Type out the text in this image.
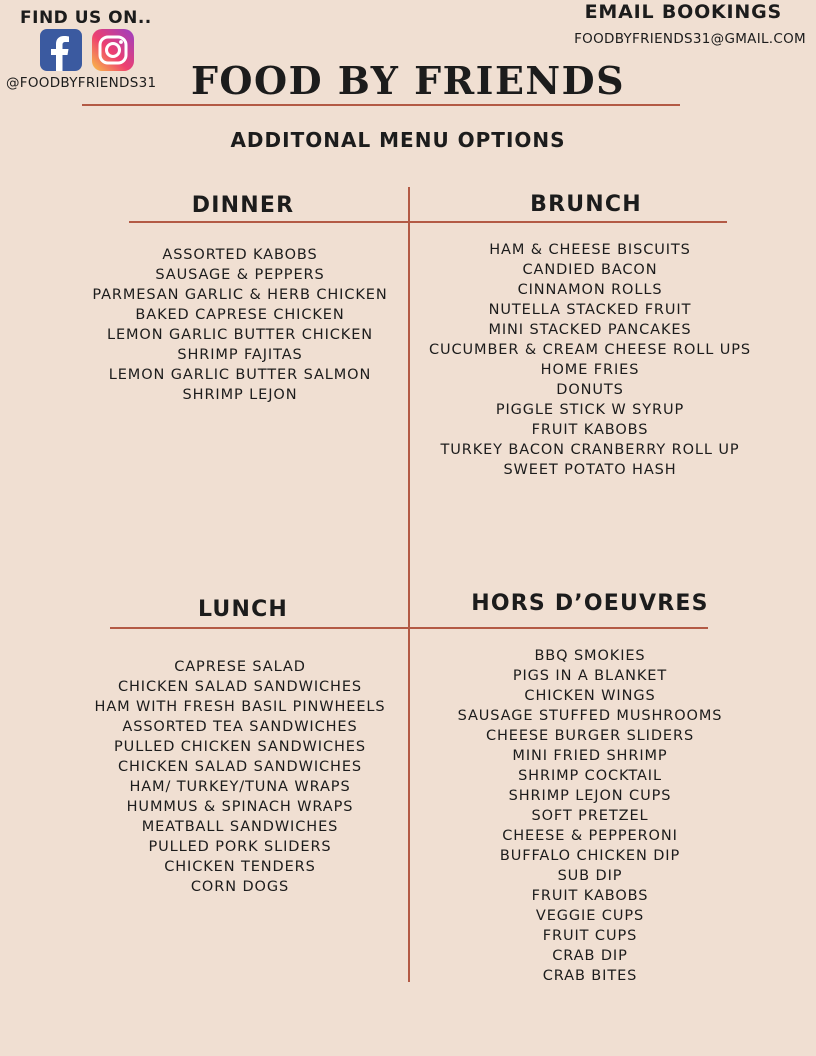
FIND US ON..
@FOODBYFRIENDS31
EMAIL BOOKINGS
FOODBYFRIENDS31@GMAIL.COM
FOOD BY FRIENDS
ADDITONAL MENU OPTIONS
DINNER
ASSORTED KABOBS
SAUSAGE & PEPPERS
PARMESAN GARLIC & HERB CHICKEN
BAKED CAPRESE CHICKEN
LEMON GARLIC BUTTER CHICKEN
SHRIMP FAJITAS
LEMON GARLIC BUTTER SALMON
SHRIMP LEJON
BRUNCH
HAM & CHEESE BISCUITS
CANDIED BACON
CINNAMON ROLLS
NUTELLA STACKED FRUIT
MINI STACKED PANCAKES
CUCUMBER & CREAM CHEESE ROLL UPS
HOME FRIES
DONUTS
PIGGLE STICK W SYRUP
FRUIT KABOBS
TURKEY BACON CRANBERRY ROLL UP
SWEET POTATO HASH
LUNCH
CAPRESE SALAD
CHICKEN SALAD SANDWICHES
HAM WITH FRESH BASIL PINWHEELS
ASSORTED TEA SANDWICHES
PULLED CHICKEN SANDWICHES
CHICKEN SALAD SANDWICHES
HAM/ TURKEY/TUNA WRAPS
HUMMUS & SPINACH WRAPS
MEATBALL SANDWICHES
PULLED PORK SLIDERS
CHICKEN TENDERS
CORN DOGS
HORS D’OEUVRES
BBQ SMOKIES
PIGS IN A BLANKET
CHICKEN WINGS
SAUSAGE STUFFED MUSHROOMS
CHEESE BURGER SLIDERS
MINI FRIED SHRIMP
SHRIMP COCKTAIL
SHRIMP LEJON CUPS
SOFT PRETZEL
CHEESE & PEPPERONI
BUFFALO CHICKEN DIP
SUB DIP
FRUIT KABOBS
VEGGIE CUPS
FRUIT CUPS
CRAB DIP
CRAB BITES
